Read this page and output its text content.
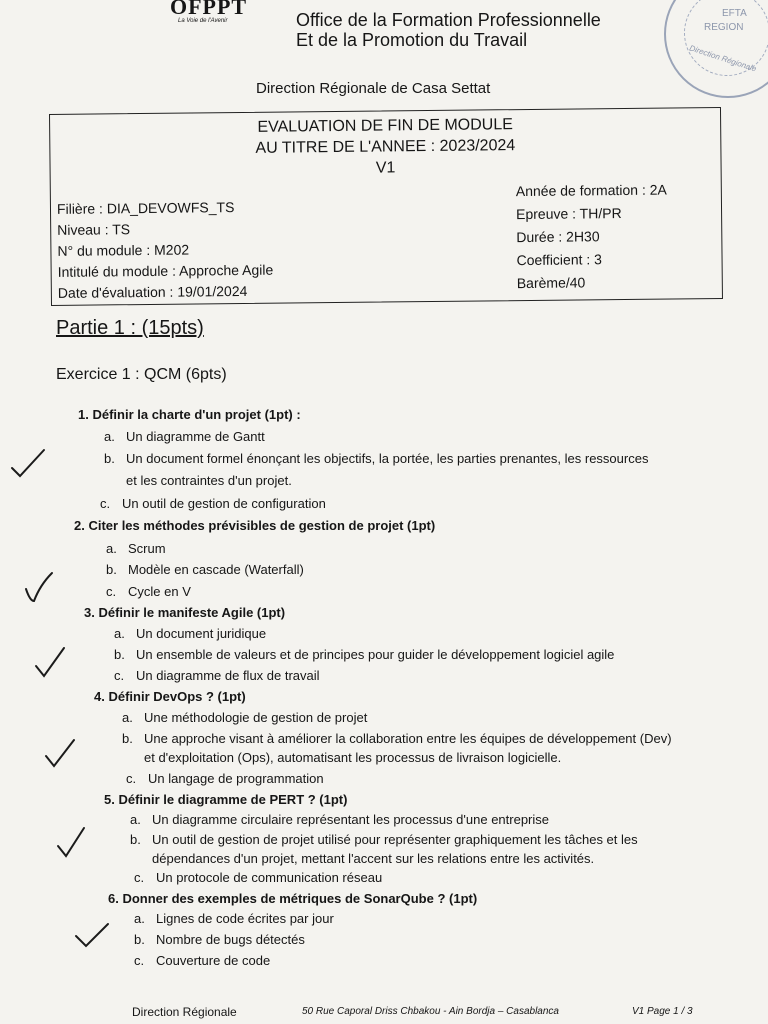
OFPPT
La Voie de l'Avenir	Office de la Formation Professionnelle
Et de la Promotion du Travail
EFTA
REGION
Direction Régionale
Direction Régionale de Casa Settat
EVALUATION DE FIN DE MODULE
AU TITRE DE L'ANNEE : 2023/2024
V1
Filière : DIA_DEVOWFS_TS
Niveau : TS
N° du module : M202
Intitulé du module : Approche Agile
Date d'évaluation : 19/01/2024
Année de formation : 2A
Epreuve : TH/PR
Durée : 2H30
Coefficient : 3
Barème/40
Partie 1 : (15pts)
Exercice 1 : QCM (6pts)
1. Définir la charte d'un projet (1pt) :
a. Un diagramme de Gantt
b. Un document formel énonçant les objectifs, la portée, les parties prenantes, les ressources
et les contraintes d'un projet.
c. Un outil de gestion de configuration
2. Citer les méthodes prévisibles de gestion de projet (1pt)
a. Scrum
b. Modèle en cascade (Waterfall)
c. Cycle en V
3. Définir le manifeste Agile (1pt)
a. Un document juridique
b. Un ensemble de valeurs et de principes pour guider le développement logiciel agile
c. Un diagramme de flux de travail
4. Définir DevOps ? (1pt)
a. Une méthodologie de gestion de projet
b. Une approche visant à améliorer la collaboration entre les équipes de développement (Dev)
et d'exploitation (Ops), automatisant les processus de livraison logicielle.
c. Un langage de programmation
5. Définir le diagramme de PERT ? (1pt)
a. Un diagramme circulaire représentant les processus d'une entreprise
b. Un outil de gestion de projet utilisé pour représenter graphiquement les tâches et les
dépendances d'un projet, mettant l'accent sur les relations entre les activités.
c. Un protocole de communication réseau
6. Donner des exemples de métriques de SonarQube ? (1pt)
a. Lignes de code écrites par jour
b. Nombre de bugs détectés
c. Couverture de code
Direction Régionale	50 Rue Caporal Driss Chbakou - Ain Bordja – Casablanca	V1 Page 1 / 3
